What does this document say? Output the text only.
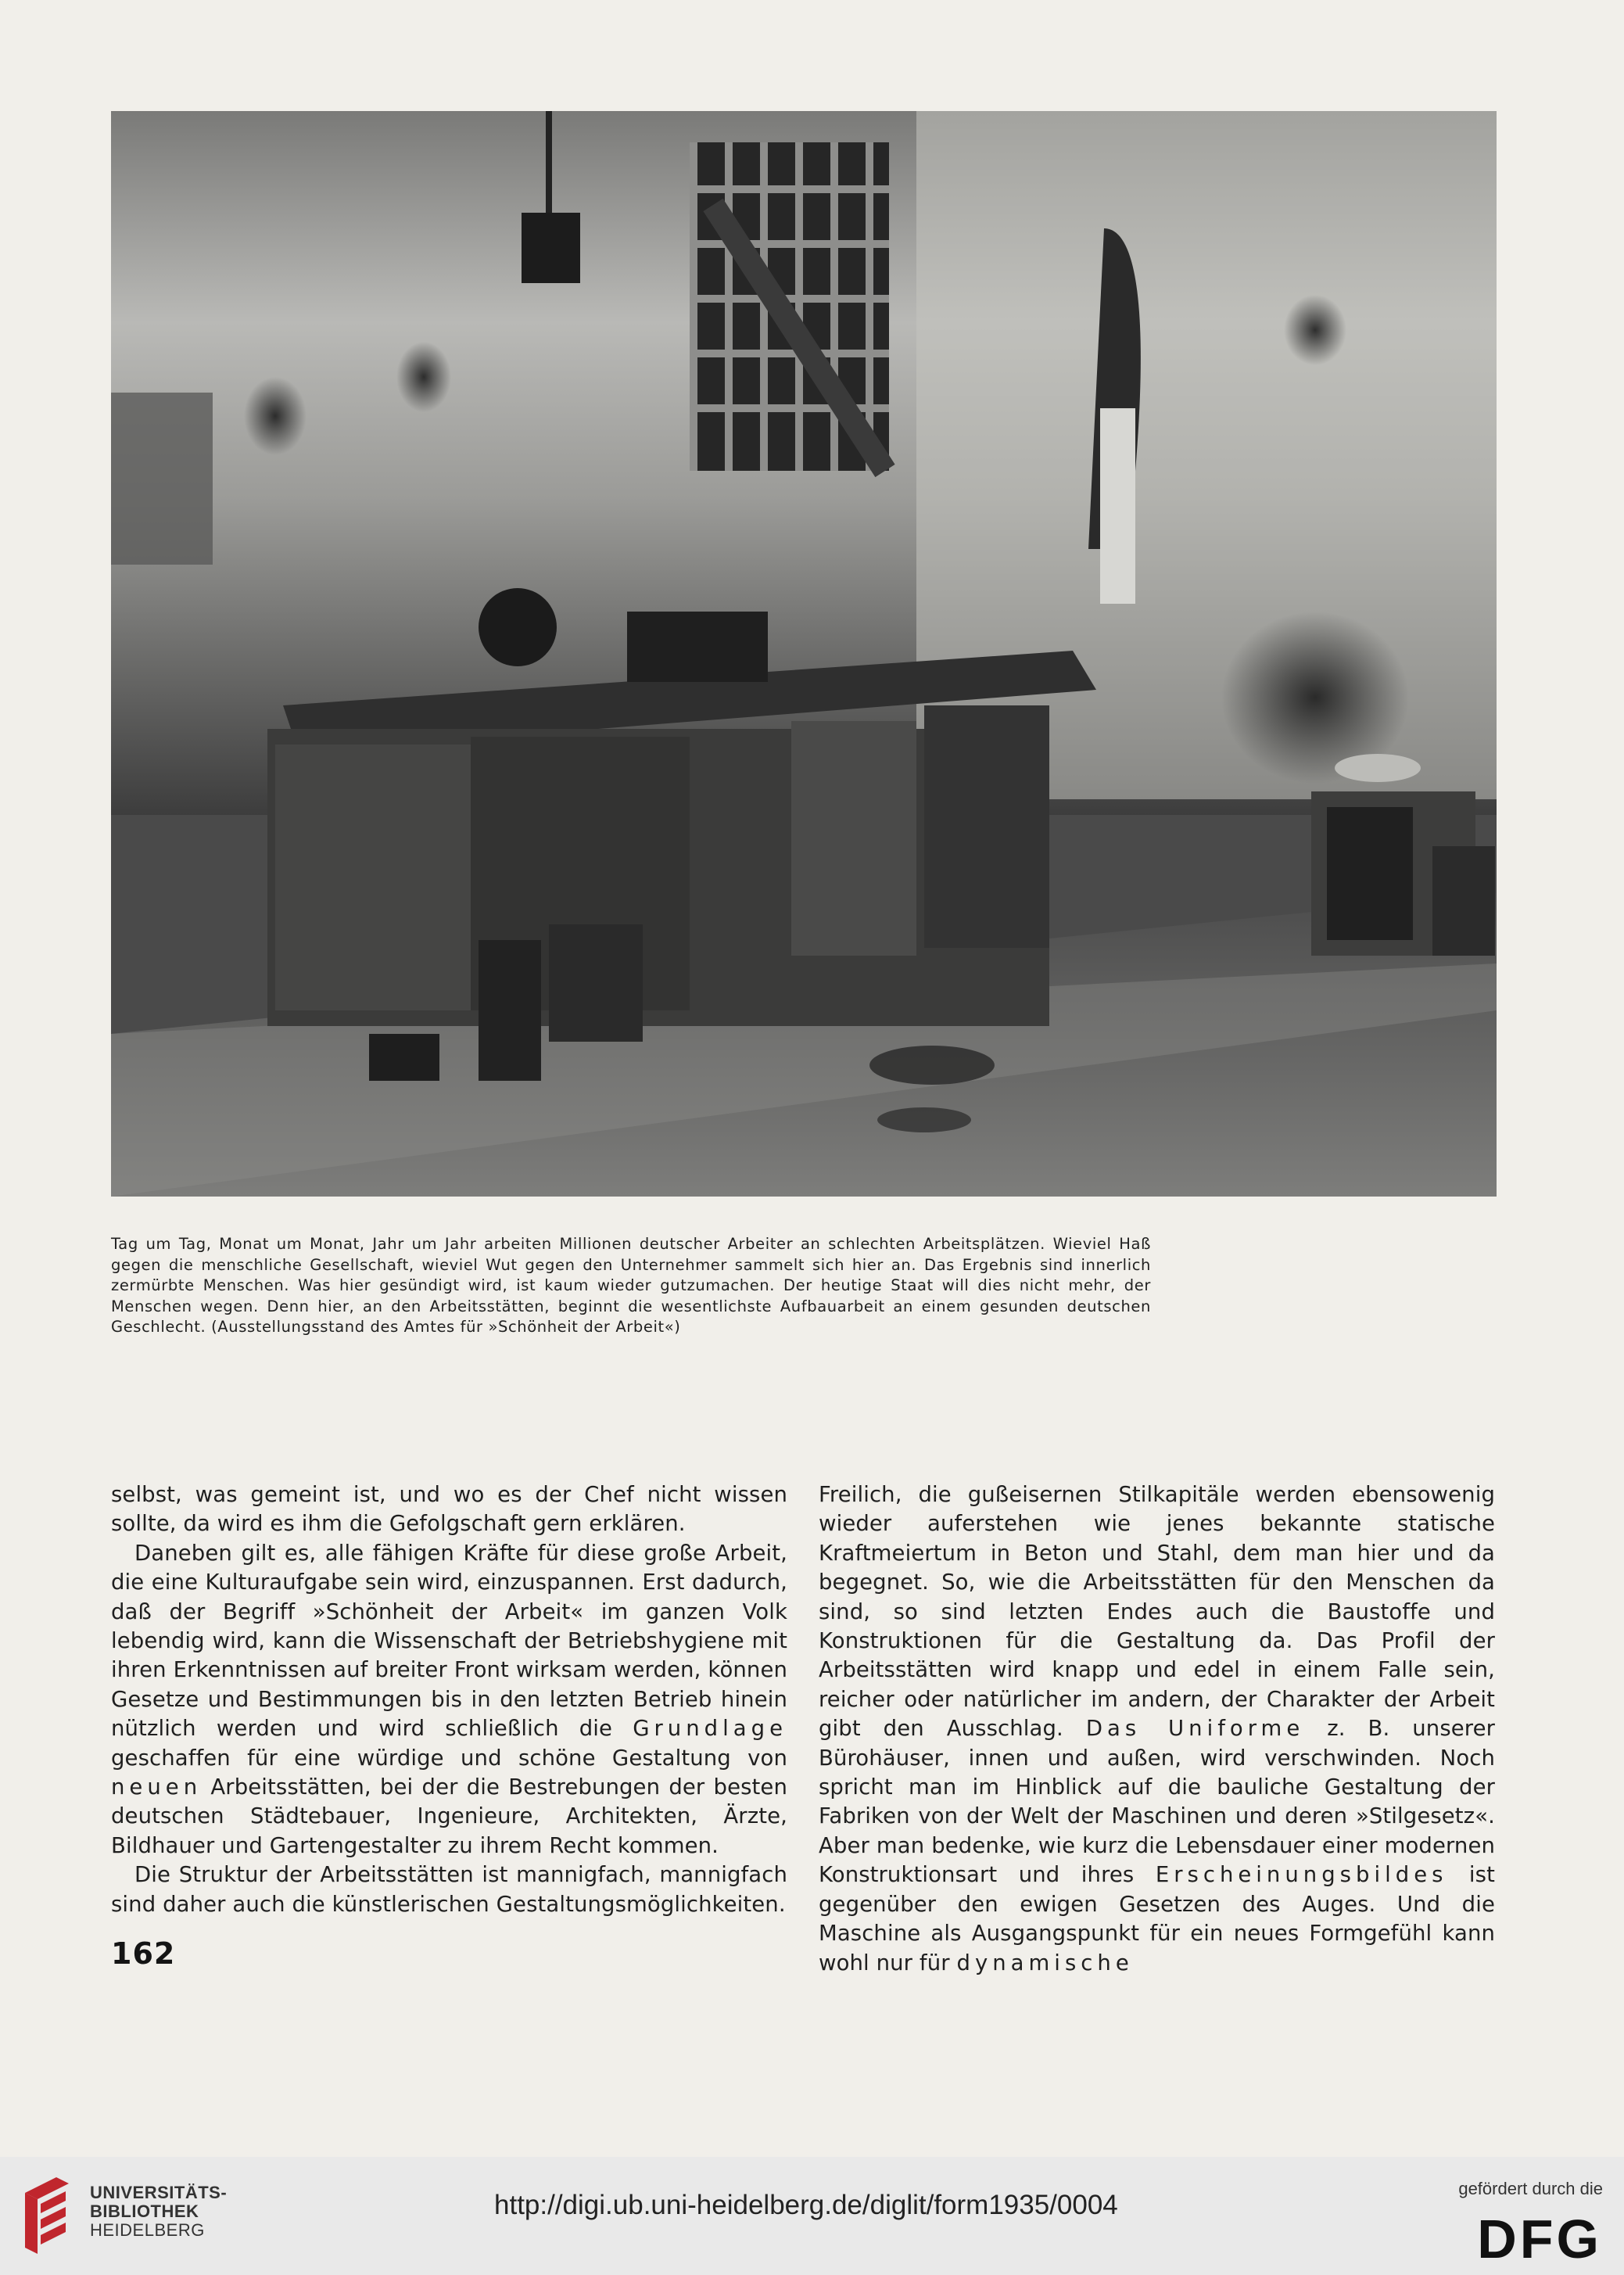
Tag um Tag, Monat um Monat, Jahr um Jahr arbeiten Millionen deutscher Arbeiter an schlechten Arbeitsplätzen. Wieviel Haß gegen die menschliche Gesellschaft, wieviel Wut gegen den Unternehmer sammelt sich hier an. Das Ergebnis sind innerlich zermürbte Menschen. Was hier gesündigt wird, ist kaum wieder gutzumachen. Der heutige Staat will dies nicht mehr, der Menschen wegen. Denn hier, an den Arbeitsstätten, beginnt die wesentlichste Aufbauarbeit an einem gesunden deutschen Geschlecht. (Ausstellungsstand des Amtes für »Schönheit der Arbeit«)

selbst, was gemeint ist, und wo es der Chef nicht wissen sollte, da wird es ihm die Gefolgschaft gern erklären.

Daneben gilt es, alle fähigen Kräfte für diese große Arbeit, die eine Kulturaufgabe sein wird, einzuspannen. Erst dadurch, daß der Begriff »Schönheit der Arbeit« im ganzen Volk lebendig wird, kann die Wissenschaft der Betriebshygiene mit ihren Erkenntnissen auf breiter Front wirksam werden, können Gesetze und Bestimmungen bis in den letzten Betrieb hinein nützlich werden und wird schließlich die Grundlage geschaffen für eine würdige und schöne Gestaltung von neuen Arbeitsstätten, bei der die Bestrebungen der besten deutschen Städtebauer, Ingenieure, Architekten, Ärzte, Bildhauer und Gartengestalter zu ihrem Recht kommen.

Die Struktur der Arbeitsstätten ist mannigfach, mannigfach sind daher auch die künstlerischen Gestaltungsmöglichkeiten.

Freilich, die gußeisernen Stilkapitäle werden ebensowenig wieder auferstehen wie jenes bekannte statische Kraftmeiertum in Beton und Stahl, dem man hier und da begegnet. So, wie die Arbeitsstätten für den Menschen da sind, so sind letzten Endes auch die Baustoffe und Konstruktionen für die Gestaltung da. Das Profil der Arbeitsstätten wird knapp und edel in einem Falle sein, reicher oder natürlicher im andern, der Charakter der Arbeit gibt den Ausschlag. Das Uniforme z. B. unserer Bürohäuser, innen und außen, wird verschwinden. Noch spricht man im Hinblick auf die bauliche Gestaltung der Fabriken von der Welt der Maschinen und deren »Stilgesetz«. Aber man bedenke, wie kurz die Lebensdauer einer modernen Konstruktionsart und ihres Erscheinungsbildes ist gegenüber den ewigen Gesetzen des Auges. Und die Maschine als Ausgangspunkt für ein neues Formgefühl kann wohl nur für dynamische

162
UNIVERSITÄTS-
BIBLIOTHEK
HEIDELBERG
http://digi.ub.uni-heidelberg.de/diglit/form1935/0004
gefördert durch die
DFG
